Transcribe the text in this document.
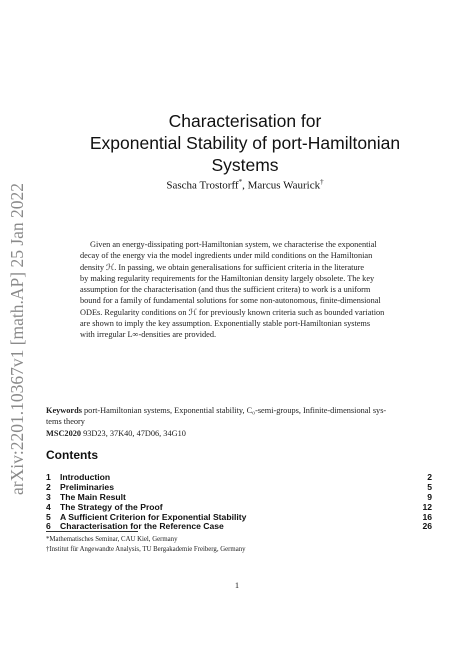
arXiv:2201.10367v1 [math.AP] 25 Jan 2022
Characterisation for
Exponential Stability of port-Hamiltonian
Systems
Sascha Trostorff*, Marcus Waurick†
Given an energy-dissipating port-Hamiltonian system, we characterise the exponential
decay of the energy via the model ingredients under mild conditions on the Hamiltonian
density ℋ. In passing, we obtain generalisations for sufficient criteria in the literature
by making regularity requirements for the Hamiltonian density largely obsolete. The key
assumption for the characterisation (and thus the sufficient critera) to work is a uniform
bound for a family of fundamental solutions for some non-autonomous, finite-dimensional
ODEs. Regularity conditions on ℋ for previously known criteria such as bounded variation
are shown to imply the key assumption. Exponentially stable port-Hamiltonian systems
with irregular L∞-densities are provided.
Keywords port-Hamiltonian systems, Exponential stability, C₀-semi-groups, Infinite-dimensional sys-
tems theory
MSC2020 93D23, 37K40, 47D06, 34G10
Contents
1 Introduction	2
2 Preliminaries	5
3 The Main Result	9
4 The Strategy of the Proof	12
5 A Sufficient Criterion for Exponential Stability	16
6 Characterisation for the Reference Case	26
*Mathematisches Seminar, CAU Kiel, Germany
†Institut für Angewandte Analysis, TU Bergakademie Freiberg, Germany
1
